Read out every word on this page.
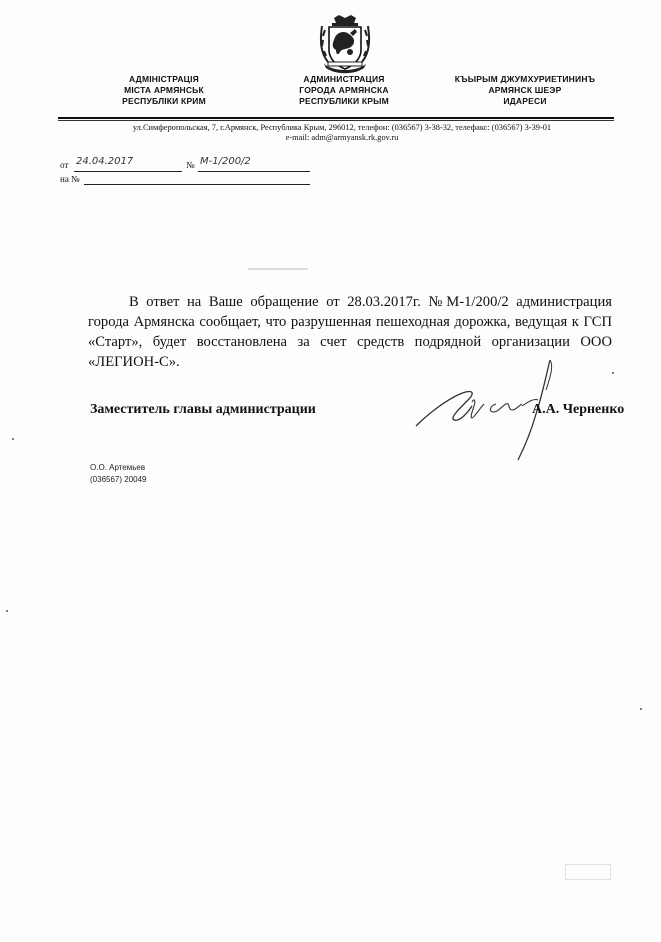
АДМІНІСТРАЦІЯ
МІСТА АРМЯНСЬК
РЕСПУБЛІКИ КРИМ
АДМИНИСТРАЦИЯ
ГОРОДА АРМЯНСКА
РЕСПУБЛИКИ КРЫМ
КЪЫРЫМ ДЖУМХУРИЕТИНИНЪ
АРМЯНСК ШЕЭР
ИДАРЕСИ
ул.Симферопольская, 7, г.Армянск, Республика Крым, 296012, телефон: (036567) 3-38-32, телефакс: (036567) 3-39-01
e-mail: adm@armyansk.rk.gov.ru
от 24.04.2017	№ М-1/200/2
на №
В ответ на Ваше обращение от 28.03.2017г. №М-1/200/2 администрация города Армянска сообщает, что разрушенная пешеходная дорожка, ведущая к ГСП «Старт», будет восстановлена за счет средств подрядной организации ООО «ЛЕГИОН-С».
Заместитель главы администрации	А.А. Черненко
О.О. Артемьев
(036567) 20049
